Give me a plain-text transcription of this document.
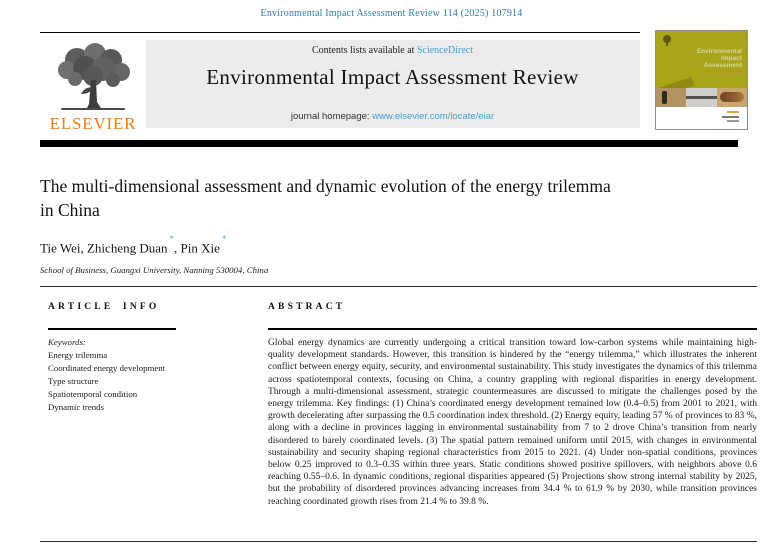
Environmental Impact Assessment Review 114 (2025) 107914
Contents lists available at ScienceDirect
Environmental Impact Assessment Review
journal homepage: www.elsevier.com/locate/eiar
ELSEVIER
Environmental
Impact
Assessment
REVIEW
The multi-dimensional assessment and dynamic evolution of the energy trilemma in China
Tie Wei, Zhicheng Duan*, Pin Xie*
School of Business, Guangxi University, Nanning 530004, China
ARTICLE INFO	ABSTRACT
Keywords:
Energy trilemma
Coordinated energy development
Type structure
Spatiotemporal condition
Dynamic trends
Global energy dynamics are currently undergoing a critical transition toward low-carbon systems while maintaining high-quality development standards. However, this transition is hindered by the “energy trilemma,” which illustrates the inherent conflict between energy equity, security, and environmental sustainability. This study investigates the dynamics of this trilemma across spatiotemporal contexts, focusing on China, a country grappling with regional disparities in energy development. Through a multi-dimensional assessment, strategic countermeasures are discussed to mitigate the challenges posed by the energy trilemma. Key findings: (1) China’s coordinated energy development remained low (0.4–0.5) from 2001 to 2021, with growth decelerating after surpassing the 0.5 coordination index threshold. (2) Energy equity, leading 57 % of provinces to 83 %, along with a decline in provinces lagging in environmental sustainability from 7 to 2 drove China’s transition from nearly disordered to barely coordinated levels. (3) The spatial pattern remained uniform until 2015, with changes in environmental sustainability and security shaping regional characteristics from 2015 to 2021. (4) Under non-spatial conditions, provinces below 0.25 improved to 0.3–0.35 within three years. Static conditions showed positive spillovers, with neighbors above 0.6 reaching 0.55–0.6. In dynamic conditions, regional disparities appeared (5) Projections show strong internal stability by 2025, but the probability of disordered provinces advancing increases from 34.4 % to 61.9 % by 2030, while transition provinces reaching coordinated growth rises from 21.4 % to 39.8 %.
